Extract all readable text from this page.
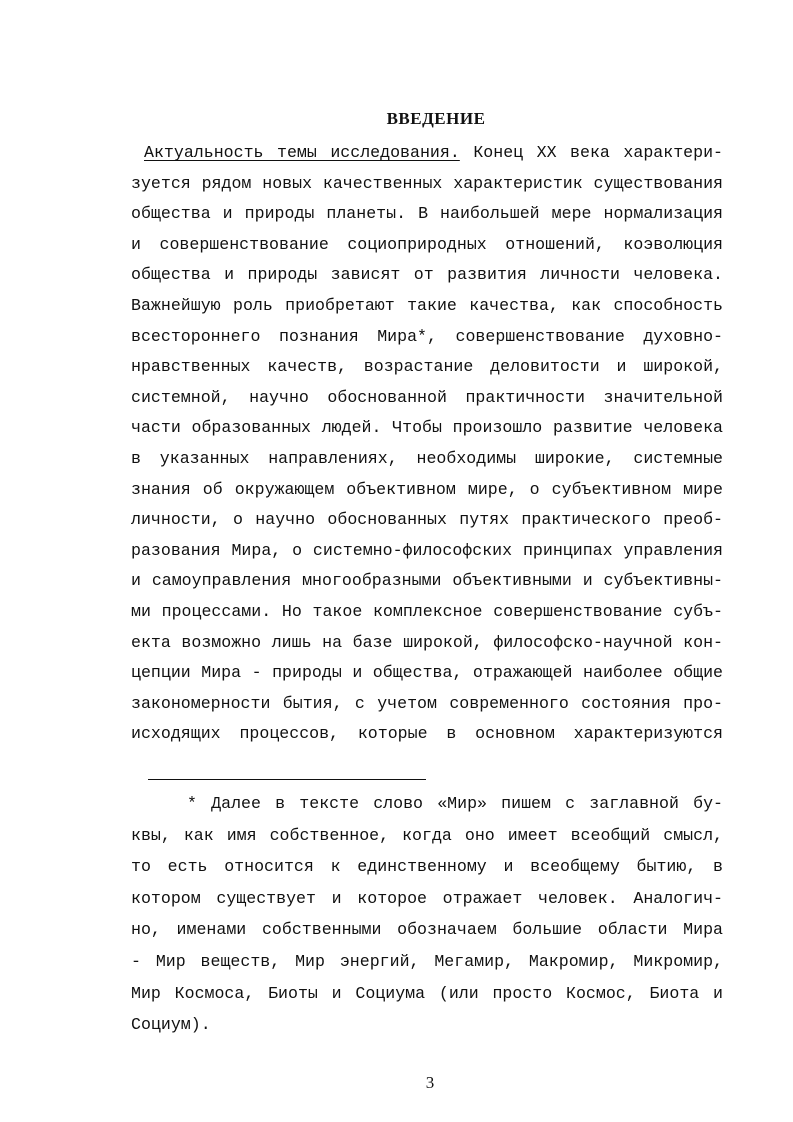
ВВЕДЕНИЕ
Актуальность темы исследования. Конец XX века характери-
зуется рядом новых качественных характеристик существования
общества и природы планеты. В наибольшей мере нормализация
и совершенствование социоприродных отношений, коэволюция
общества и природы зависят от развития личности человека.
Важнейшую роль приобретают такие качества, как способность
всестороннего познания Мира*, совершенствование духовно-
нравственных качеств, возрастание деловитости и широкой,
системной, научно обоснованной практичности значительной
части образованных людей. Чтобы произошло развитие человека
в указанных направлениях, необходимы широкие, системные
знания об окружающем объективном мире, о субъективном мире
личности, о научно обоснованных путях практического преоб-
разования Мира, о системно-философских принципах управления
и самоуправления многообразными объективными и субъективны-
ми процессами. Но такое комплексное совершенствование субъ-
екта возможно лишь на базе широкой, философско-научной кон-
цепции Мира - природы и общества, отражающей наиболее общие
закономерности бытия, с учетом современного состояния про-
исходящих процессов, которые в основном характеризуются
* Далее в тексте слово «Мир» пишем с заглавной бу-
квы, как имя собственное, когда оно имеет всеобщий смысл,
то есть относится к единственному и всеобщему бытию, в
котором существует и которое отражает человек. Аналогич-
но, именами собственными обозначаем большие области Мира
- Мир веществ, Мир энергий, Мегамир, Макромир, Микромир,
Мир Космоса, Биоты и Социума (или просто Космос, Биота и
Социум).
3
